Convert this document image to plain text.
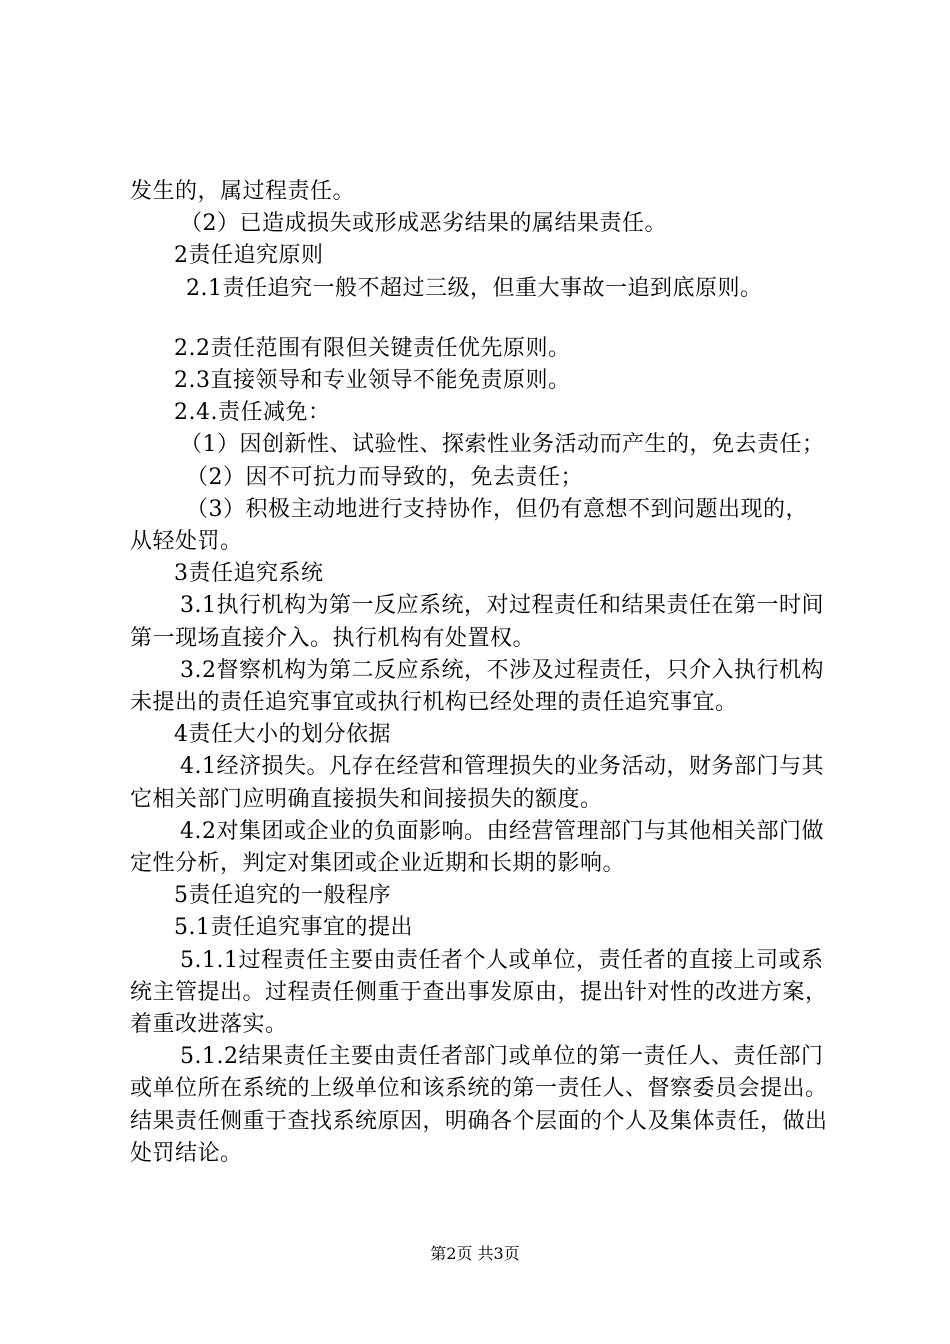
发生的，属过程责任。

（2）已造成损失或形成恶劣结果的属结果责任。

2责任追究原则

2.1责任追究一般不超过三级，但重大事故一追到底原则。

2.2责任范围有限但关键责任优先原则。

2.3直接领导和专业领导不能免责原则。

2.4.责任减免：

（1）因创新性、试验性、探索性业务活动而产生的，免去责任；

（2）因不可抗力而导致的，免去责任；

（3）积极主动地进行支持协作，但仍有意想不到问题出现的，从轻处罚。

3责任追究系统

3.1执行机构为第一反应系统，对过程责任和结果责任在第一时间第一现场直接介入。执行机构有处置权。

3.2督察机构为第二反应系统，不涉及过程责任，只介入执行机构未提出的责任追究事宜或执行机构已经处理的责任追究事宜。

4责任大小的划分依据

4.1经济损失。凡存在经营和管理损失的业务活动，财务部门与其它相关部门应明确直接损失和间接损失的额度。

4.2对集团或企业的负面影响。由经营管理部门与其他相关部门做定性分析，判定对集团或企业近期和长期的影响。

5责任追究的一般程序

5.1责任追究事宜的提出

5.1.1过程责任主要由责任者个人或单位，责任者的直接上司或系统主管提出。过程责任侧重于查出事发原由，提出针对性的改进方案，着重改进落实。

5.1.2结果责任主要由责任者部门或单位的第一责任人、责任部门或单位所在系统的上级单位和该系统的第一责任人、督察委员会提出。结果责任侧重于查找系统原因，明确各个层面的个人及集体责任，做出处罚结论。

第2页 共3页
